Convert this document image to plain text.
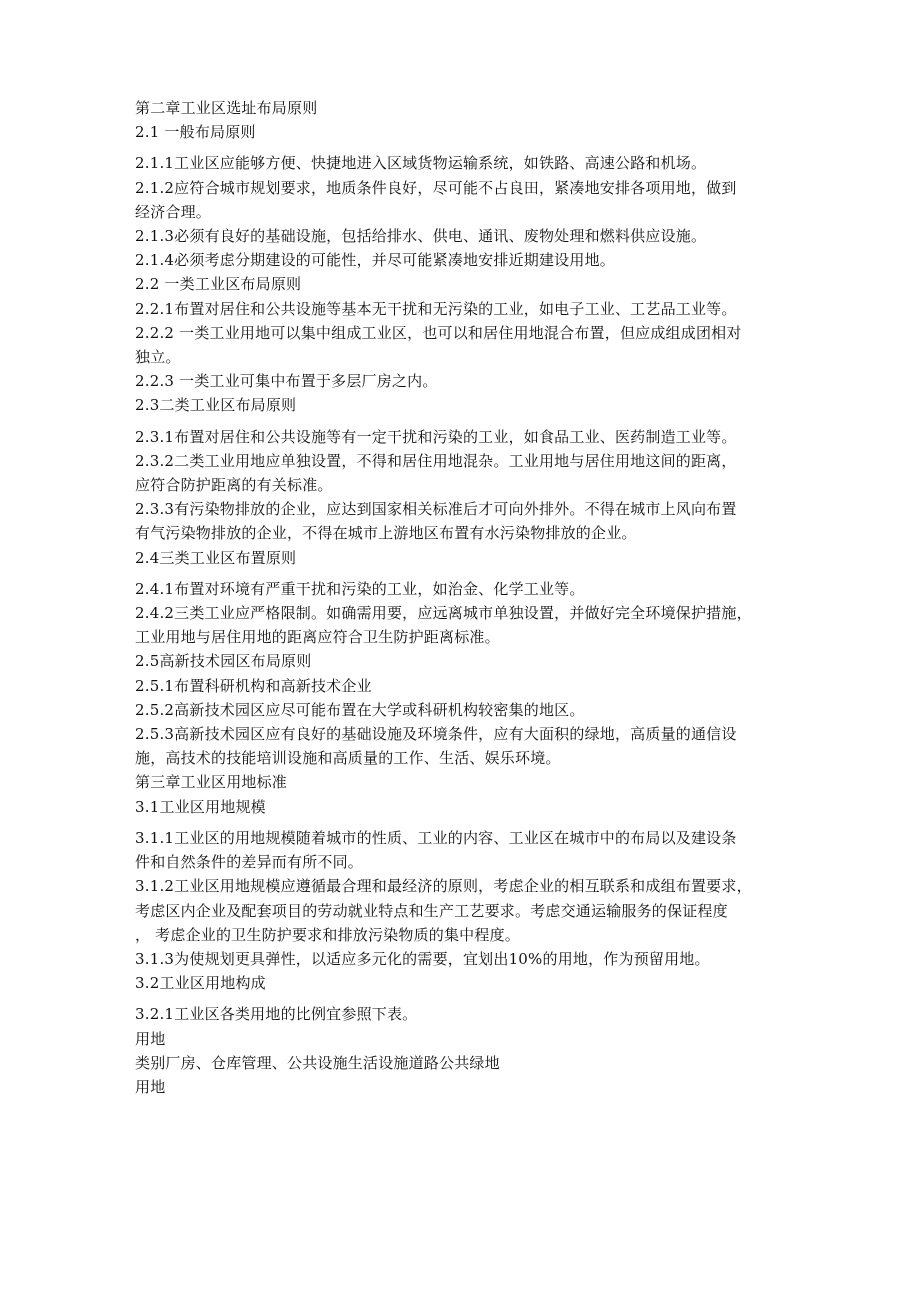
第二章工业区选址布局原则
2.1 一般布局原则
2.1.1工业区应能够方便、快捷地进入区域货物运输系统，如铁路、高速公路和机场。
2.1.2应符合城市规划要求，地质条件良好，尽可能不占良田，紧凑地安排各项用地，做到
经济合理。
2.1.3必须有良好的基础设施，包括给排水、供电、通讯、废物处理和燃料供应设施。
2.1.4必须考虑分期建设的可能性，并尽可能紧凑地安排近期建设用地。
2.2 一类工业区布局原则
2.2.1布置对居住和公共设施等基本无干扰和无污染的工业，如电子工业、工艺品工业等。
2.2.2 一类工业用地可以集中组成工业区，也可以和居住用地混合布置，但应成组成团相对
独立。
2.2.3 一类工业可集中布置于多层厂房之内。
2.3二类工业区布局原则
2.3.1布置对居住和公共设施等有一定干扰和污染的工业，如食品工业、医药制造工业等。
2.3.2二类工业用地应单独设置，不得和居住用地混杂。工业用地与居住用地这间的距离，
应符合防护距离的有关标准。
2.3.3有污染物排放的企业，应达到国家相关标准后才可向外排外。不得在城市上风向布置
有气污染物排放的企业，不得在城市上游地区布置有水污染物排放的企业。
2.4三类工业区布置原则
2.4.1布置对环境有严重干扰和污染的工业，如治金、化学工业等。
2.4.2三类工业应严格限制。如确需用要，应远离城市单独设置，并做好完全环境保护措施，
工业用地与居住用地的距离应符合卫生防护距离标准。
2.5高新技术园区布局原则
2.5.1布置科研机构和高新技术企业
2.5.2高新技术园区应尽可能布置在大学或科研机构较密集的地区。
2.5.3高新技术园区应有良好的基础设施及环境条件，应有大面积的绿地，高质量的通信设
施，高技术的技能培训设施和高质量的工作、生活、娱乐环境。
第三章工业区用地标准
3.1工业区用地规模
3.1.1工业区的用地规模随着城市的性质、工业的内容、工业区在城市中的布局以及建设条
件和自然条件的差异而有所不同。
3.1.2工业区用地规模应遵循最合理和最经济的原则，考虑企业的相互联系和成组布置要求，
考虑区内企业及配套项目的劳动就业特点和生产工艺要求。考虑交通运输服务的保证程度
， 考虑企业的卫生防护要求和排放污染物质的集中程度。
3.1.3为使规划更具弹性，以适应多元化的需要，宜划出10%的用地，作为预留用地。
3.2工业区用地构成
3.2.1工业区各类用地的比例宜参照下表。
用地
类别厂房、仓库管理、公共设施生活设施道路公共绿地
用地
